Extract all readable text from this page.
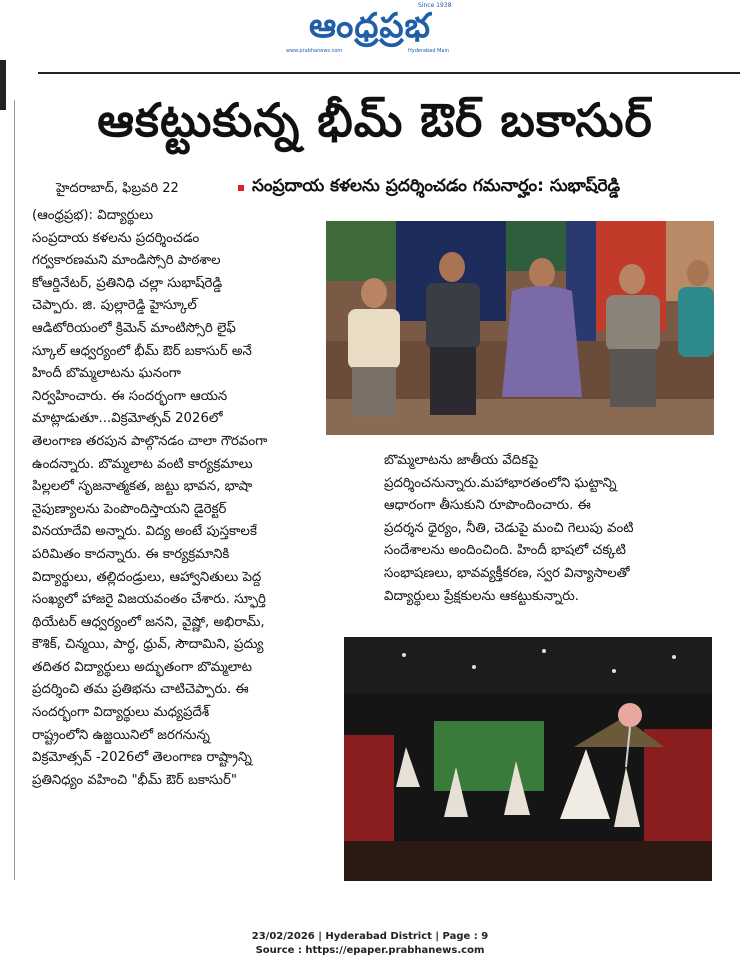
ఆంధ్రప్రభ
Since 1938
www.prabhanews.com	Hyderabad Main
ఆకట్టుకున్న భీమ్ ఔర్ బకాసుర్
హైదరాబాద్, ఫిబ్రవరి 22	సంప్రదాయ కళలను ప్రదర్శించడం గమనార్హం: సుభాష్‌రెడ్డి

(ఆంధ్రప్రభ): విద్యార్థులు

సంప్రదాయ కళలను ప్రదర్శించడం

గర్వకారణమని మాండిస్సోరి పాఠశాల

కోఆర్డినేటర్, ప్రతినిధి చల్లా సుభాష్‌రెడ్డి

చెప్పారు. జి. పుల్లారెడ్డి హైస్కూల్

ఆడిటోరియంలో క్రిమెన్ మాంటిస్సోరి లైఫ్

స్కూల్ ఆధ్వర్యంలో భీమ్ ఔర్ బకాసుర్ అనే

హిందీ బొమ్మలాటను ఘనంగా

నిర్వహించారు. ఈ సందర్భంగా ఆయన

మాట్లాడుతూ...విక్రమోత్సవ్ 2026లో

తెలంగాణ తరపున పాల్గొనడం చాలా గౌరవంగా

ఉందన్నారు. బొమ్మలాట వంటి కార్యక్రమాలు

పిల్లలలో సృజనాత్మకత, జట్టు భావన, భాషా

నైపుణ్యాలను పెంపొందిస్తాయని డైరెక్టర్

వినయాదేవి అన్నారు. విద్య అంటే పుస్తకాలకే

పరిమితం కాదన్నారు. ఈ కార్యక్రమానికి

విద్యార్థులు, తల్లిదండ్రులు, ఆహ్వానితులు పెద్ద

సంఖ్యలో హాజరై విజయవంతం చేశారు. స్ఫూర్తి

థియేటర్ ఆధ్వర్యంలో జనని, వైష్ణో, అభిరామ్,

కౌశిక్, చిన్మయి, పార్థ, ధ్రువ్, సౌదామిని, ప్రద్యు

తదితర విద్యార్థులు అద్భుతంగా బొమ్మలాట

ప్రదర్శించి తమ ప్రతిభను చాటిచెప్పారు. ఈ

సందర్భంగా విద్యార్థులు మధ్యప్రదేశ్

రాష్ట్రంలోని ఉజ్జయినిలో జరగనున్న

విక్రమోత్సవ్ -2026లో తెలంగాణ రాష్ట్రాన్ని

ప్రతినిధ్యం వహించి "భీమ్ ఔర్ బకాసుర్"

బొమ్మలాటను జాతీయ వేదికపై

ప్రదర్శించనున్నారు.మహాభారతంలోని ఘట్టాన్ని

ఆధారంగా తీసుకుని రూపొందించారు. ఈ

ప్రదర్శన ధైర్యం, నీతి, చెడుపై మంచి గెలుపు వంటి

సందేశాలను అందించింది. హిందీ భాషలో చక్కటి

సంభాషణలు, భావవ్యక్తీకరణ, స్వర విన్యాసాలతో

విద్యార్థులు ప్రేక్షకులను ఆకట్టుకున్నారు.

23/02/2026 | Hyderabad District | Page : 9
Source : https://epaper.prabhanews.com
